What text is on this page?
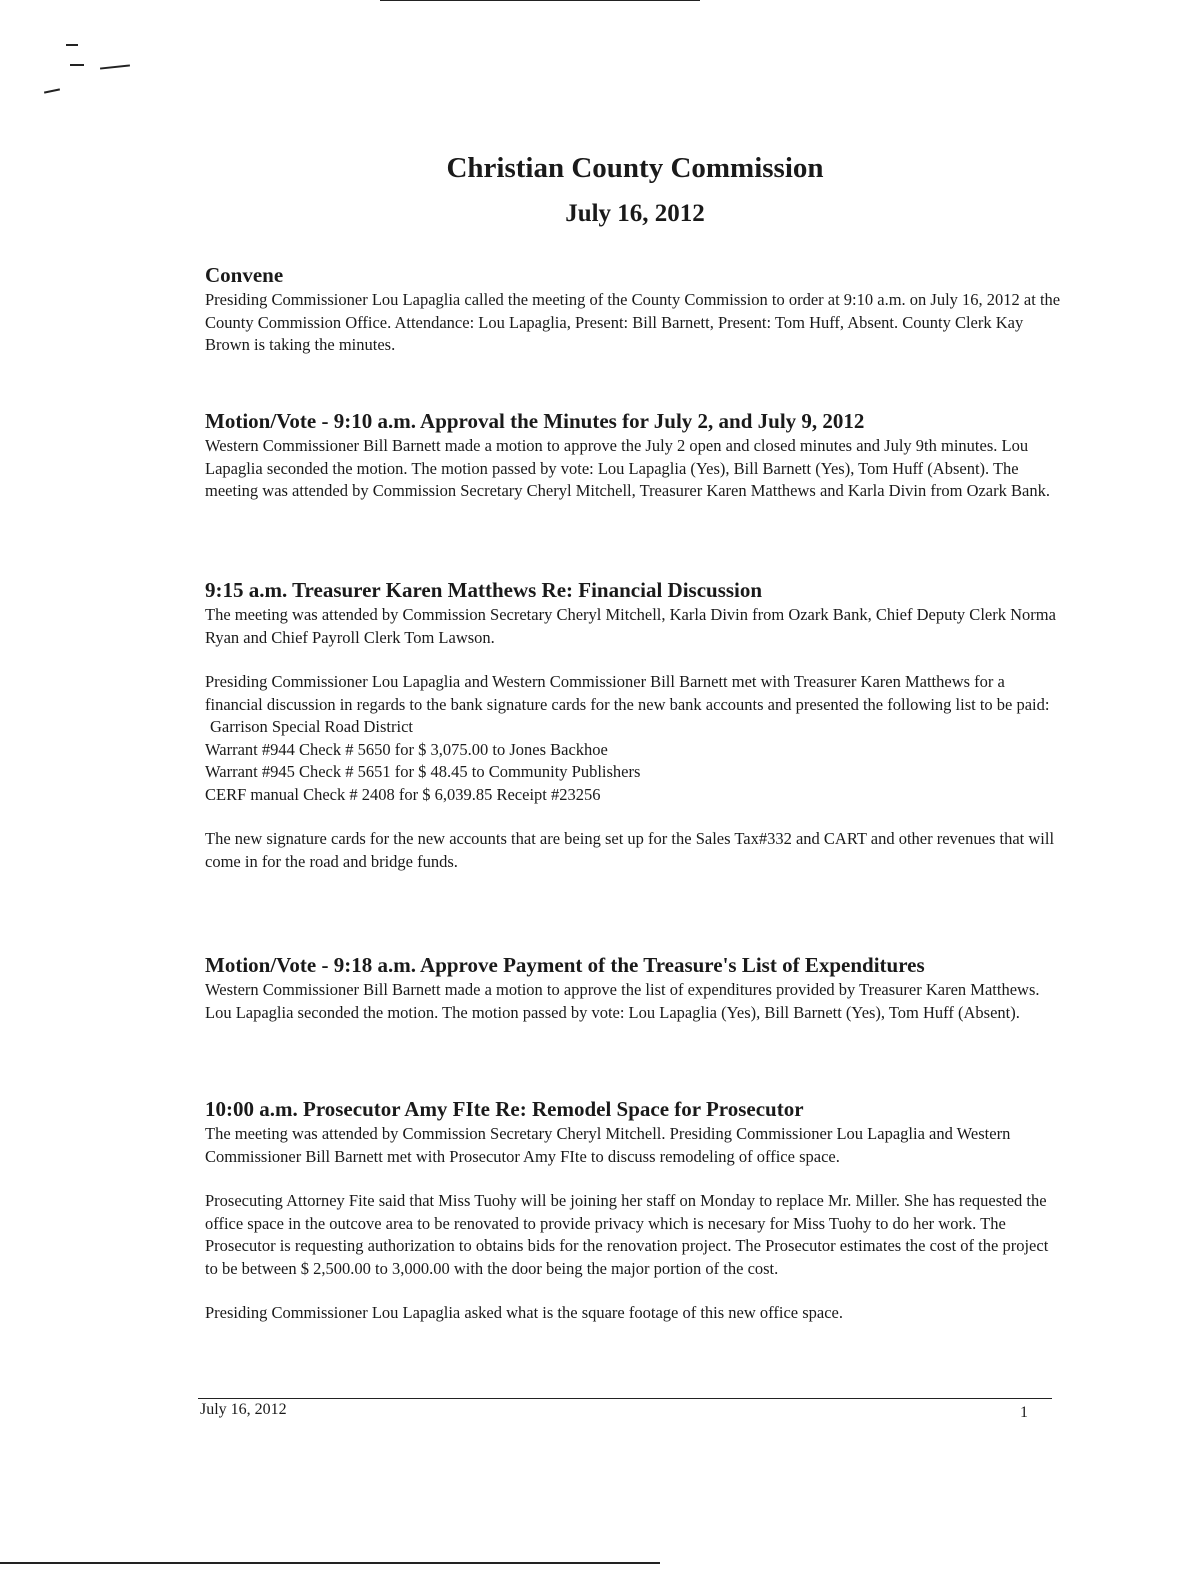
Christian County Commission
July 16, 2012
Convene

Presiding Commissioner Lou Lapaglia called the meeting of the County Commission to order at 9:10 a.m. on July 16, 2012 at the County Commission Office. Attendance: Lou Lapaglia, Present: Bill Barnett, Present: Tom Huff, Absent. County Clerk Kay Brown is taking the minutes.

Motion/Vote - 9:10 a.m. Approval the Minutes for July 2, and July 9, 2012

Western Commissioner Bill Barnett made a motion to approve the July 2 open and closed minutes and July 9th minutes. Lou Lapaglia seconded the motion. The motion passed by vote: Lou Lapaglia (Yes), Bill Barnett (Yes), Tom Huff (Absent). The meeting was attended by Commission Secretary Cheryl Mitchell, Treasurer Karen Matthews and Karla Divin from Ozark Bank.

9:15 a.m. Treasurer Karen Matthews Re: Financial Discussion

The meeting was attended by Commission Secretary Cheryl Mitchell, Karla Divin from Ozark Bank, Chief Deputy Clerk Norma Ryan and Chief Payroll Clerk Tom Lawson.

Presiding Commissioner Lou Lapaglia and Western Commissioner Bill Barnett met with Treasurer Karen Matthews for a financial discussion in regards to the bank signature cards for the new bank accounts and presented the following list to be paid:
Garrison Special Road District
Warrant #944 Check # 5650 for $ 3,075.00 to Jones Backhoe
Warrant #945 Check # 5651 for $ 48.45 to Community Publishers
CERF manual Check # 2408 for $ 6,039.85 Receipt #23256

The new signature cards for the new accounts that are being set up for the Sales Tax#332 and CART and other revenues that will come in for the road and bridge funds.

Motion/Vote - 9:18 a.m. Approve Payment of the Treasure's List of Expenditures

Western Commissioner Bill Barnett made a motion to approve the list of expenditures provided by Treasurer Karen Matthews. Lou Lapaglia seconded the motion. The motion passed by vote: Lou Lapaglia (Yes), Bill Barnett (Yes), Tom Huff (Absent).

10:00 a.m. Prosecutor Amy FIte Re: Remodel Space for Prosecutor

The meeting was attended by Commission Secretary Cheryl Mitchell. Presiding Commissioner Lou Lapaglia and Western Commissioner Bill Barnett met with Prosecutor Amy FIte to discuss remodeling of office space.

Prosecuting Attorney Fite said that Miss Tuohy will be joining her staff on Monday to replace Mr. Miller. She has requested the office space in the outcove area to be renovated to provide privacy which is necesary for Miss Tuohy to do her work. The Prosecutor is requesting authorization to obtains bids for the renovation project. The Prosecutor estimates the cost of the project to be between $ 2,500.00 to 3,000.00 with the door being the major portion of the cost.

Presiding Commissioner Lou Lapaglia asked what is the square footage of this new office space.

July 16, 2012	1
